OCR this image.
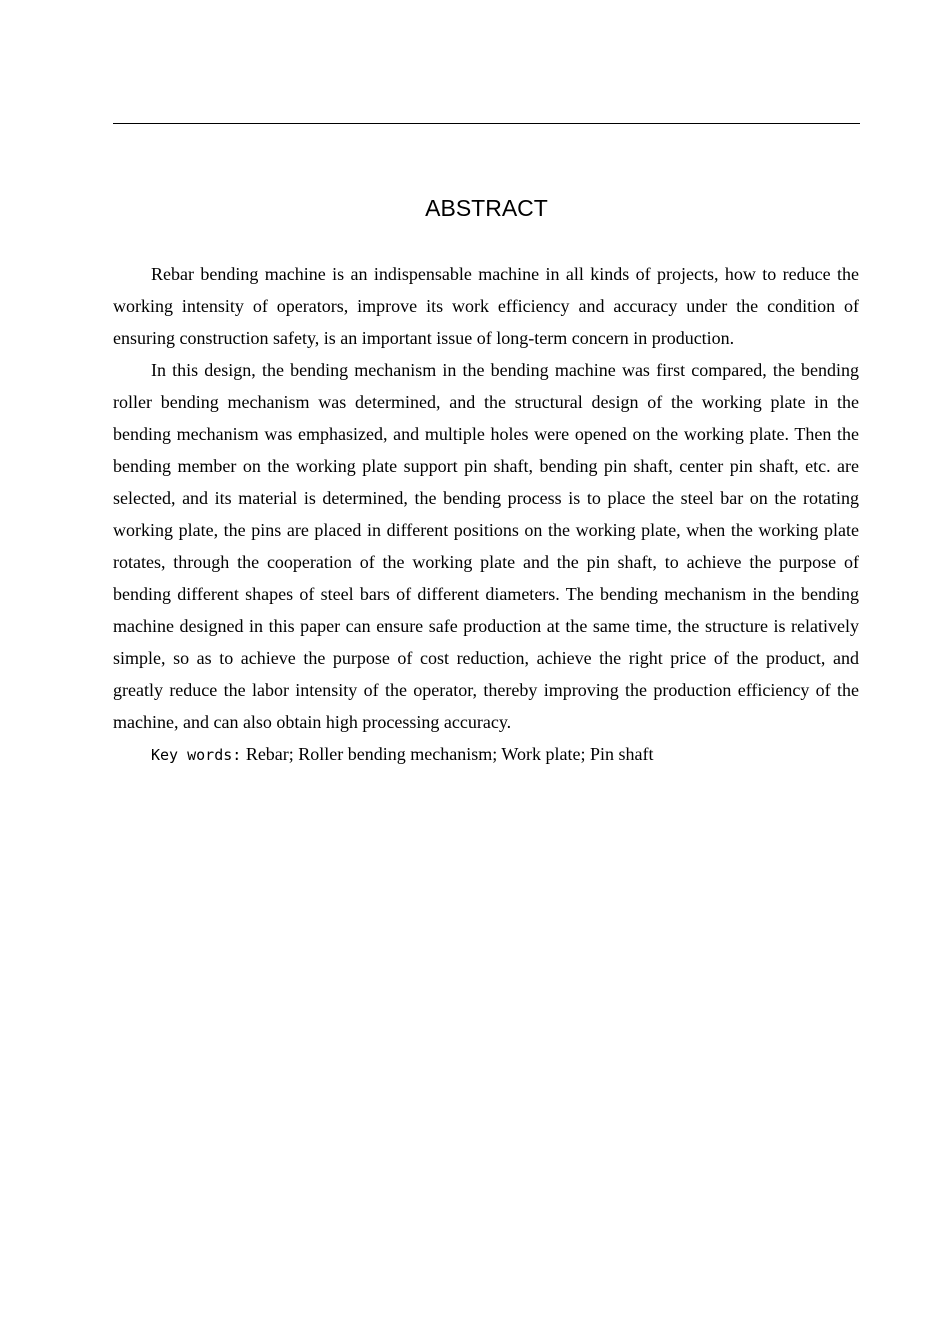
ABSTRACT

Rebar bending machine is an indispensable machine in all kinds of projects, how to reduce the working intensity of operators, improve its work efficiency and accuracy under the condition of ensuring construction safety, is an important issue of long-term concern in production.

In this design, the bending mechanism in the bending machine was first compared, the bending roller bending mechanism was determined, and the structural design of the working plate in the bending mechanism was emphasized, and multiple holes were opened on the working plate. Then the bending member on the working plate support pin shaft, bending pin shaft, center pin shaft, etc. are selected, and its material is determined, the bending process is to place the steel bar on the rotating working plate, the pins are placed in different positions on the working plate, when the working plate rotates, through the cooperation of the working plate and the pin shaft, to achieve the purpose of bending different shapes of steel bars of different diameters. The bending mechanism in the bending machine designed in this paper can ensure safe production at the same time, the structure is relatively simple, so as to achieve the purpose of cost reduction, achieve the right price of the product, and greatly reduce the labor intensity of the operator, thereby improving the production efficiency of the machine, and can also obtain high processing accuracy.

Key words: Rebar; Roller bending mechanism; Work plate; Pin shaft
